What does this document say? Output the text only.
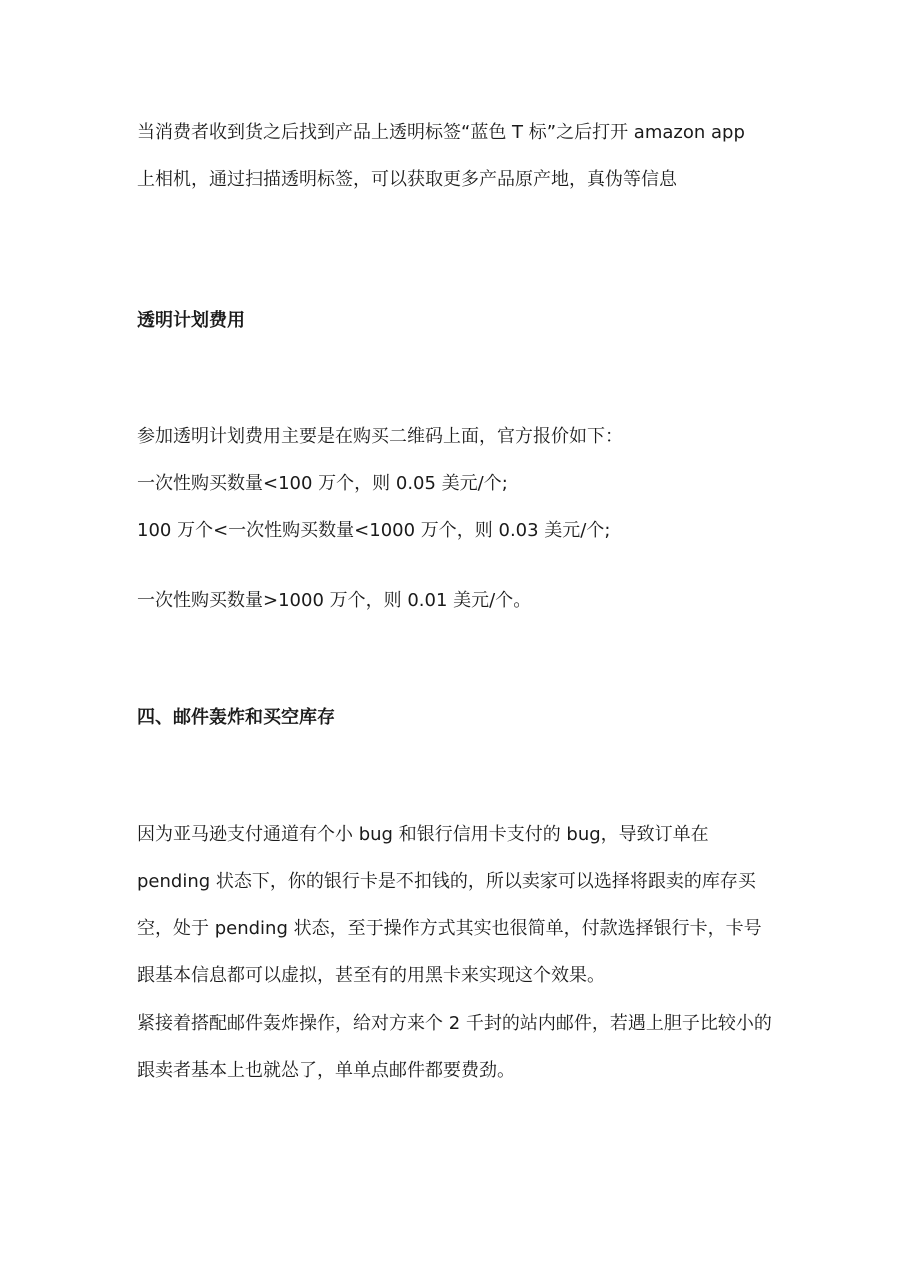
当消费者收到货之后找到产品上透明标签“蓝色 T 标”之后打开 amazon app
上相机，通过扫描透明标签，可以获取更多产品原产地，真伪等信息
透明计划费用
参加透明计划费用主要是在购买二维码上面，官方报价如下：
一次性购买数量<100 万个，则 0.05 美元/个;
100 万个<一次性购买数量<1000 万个，则 0.03 美元/个;
一次性购买数量>1000 万个，则 0.01 美元/个。
四、邮件轰炸和买空库存
因为亚马逊支付通道有个小 bug 和银行信用卡支付的 bug，导致订单在
pending 状态下，你的银行卡是不扣钱的，所以卖家可以选择将跟卖的库存买
空，处于 pending 状态，至于操作方式其实也很简单，付款选择银行卡，卡号
跟基本信息都可以虚拟，甚至有的用黑卡来实现这个效果。
紧接着搭配邮件轰炸操作，给对方来个 2 千封的站内邮件，若遇上胆子比较小的
跟卖者基本上也就怂了，单单点邮件都要费劲。
